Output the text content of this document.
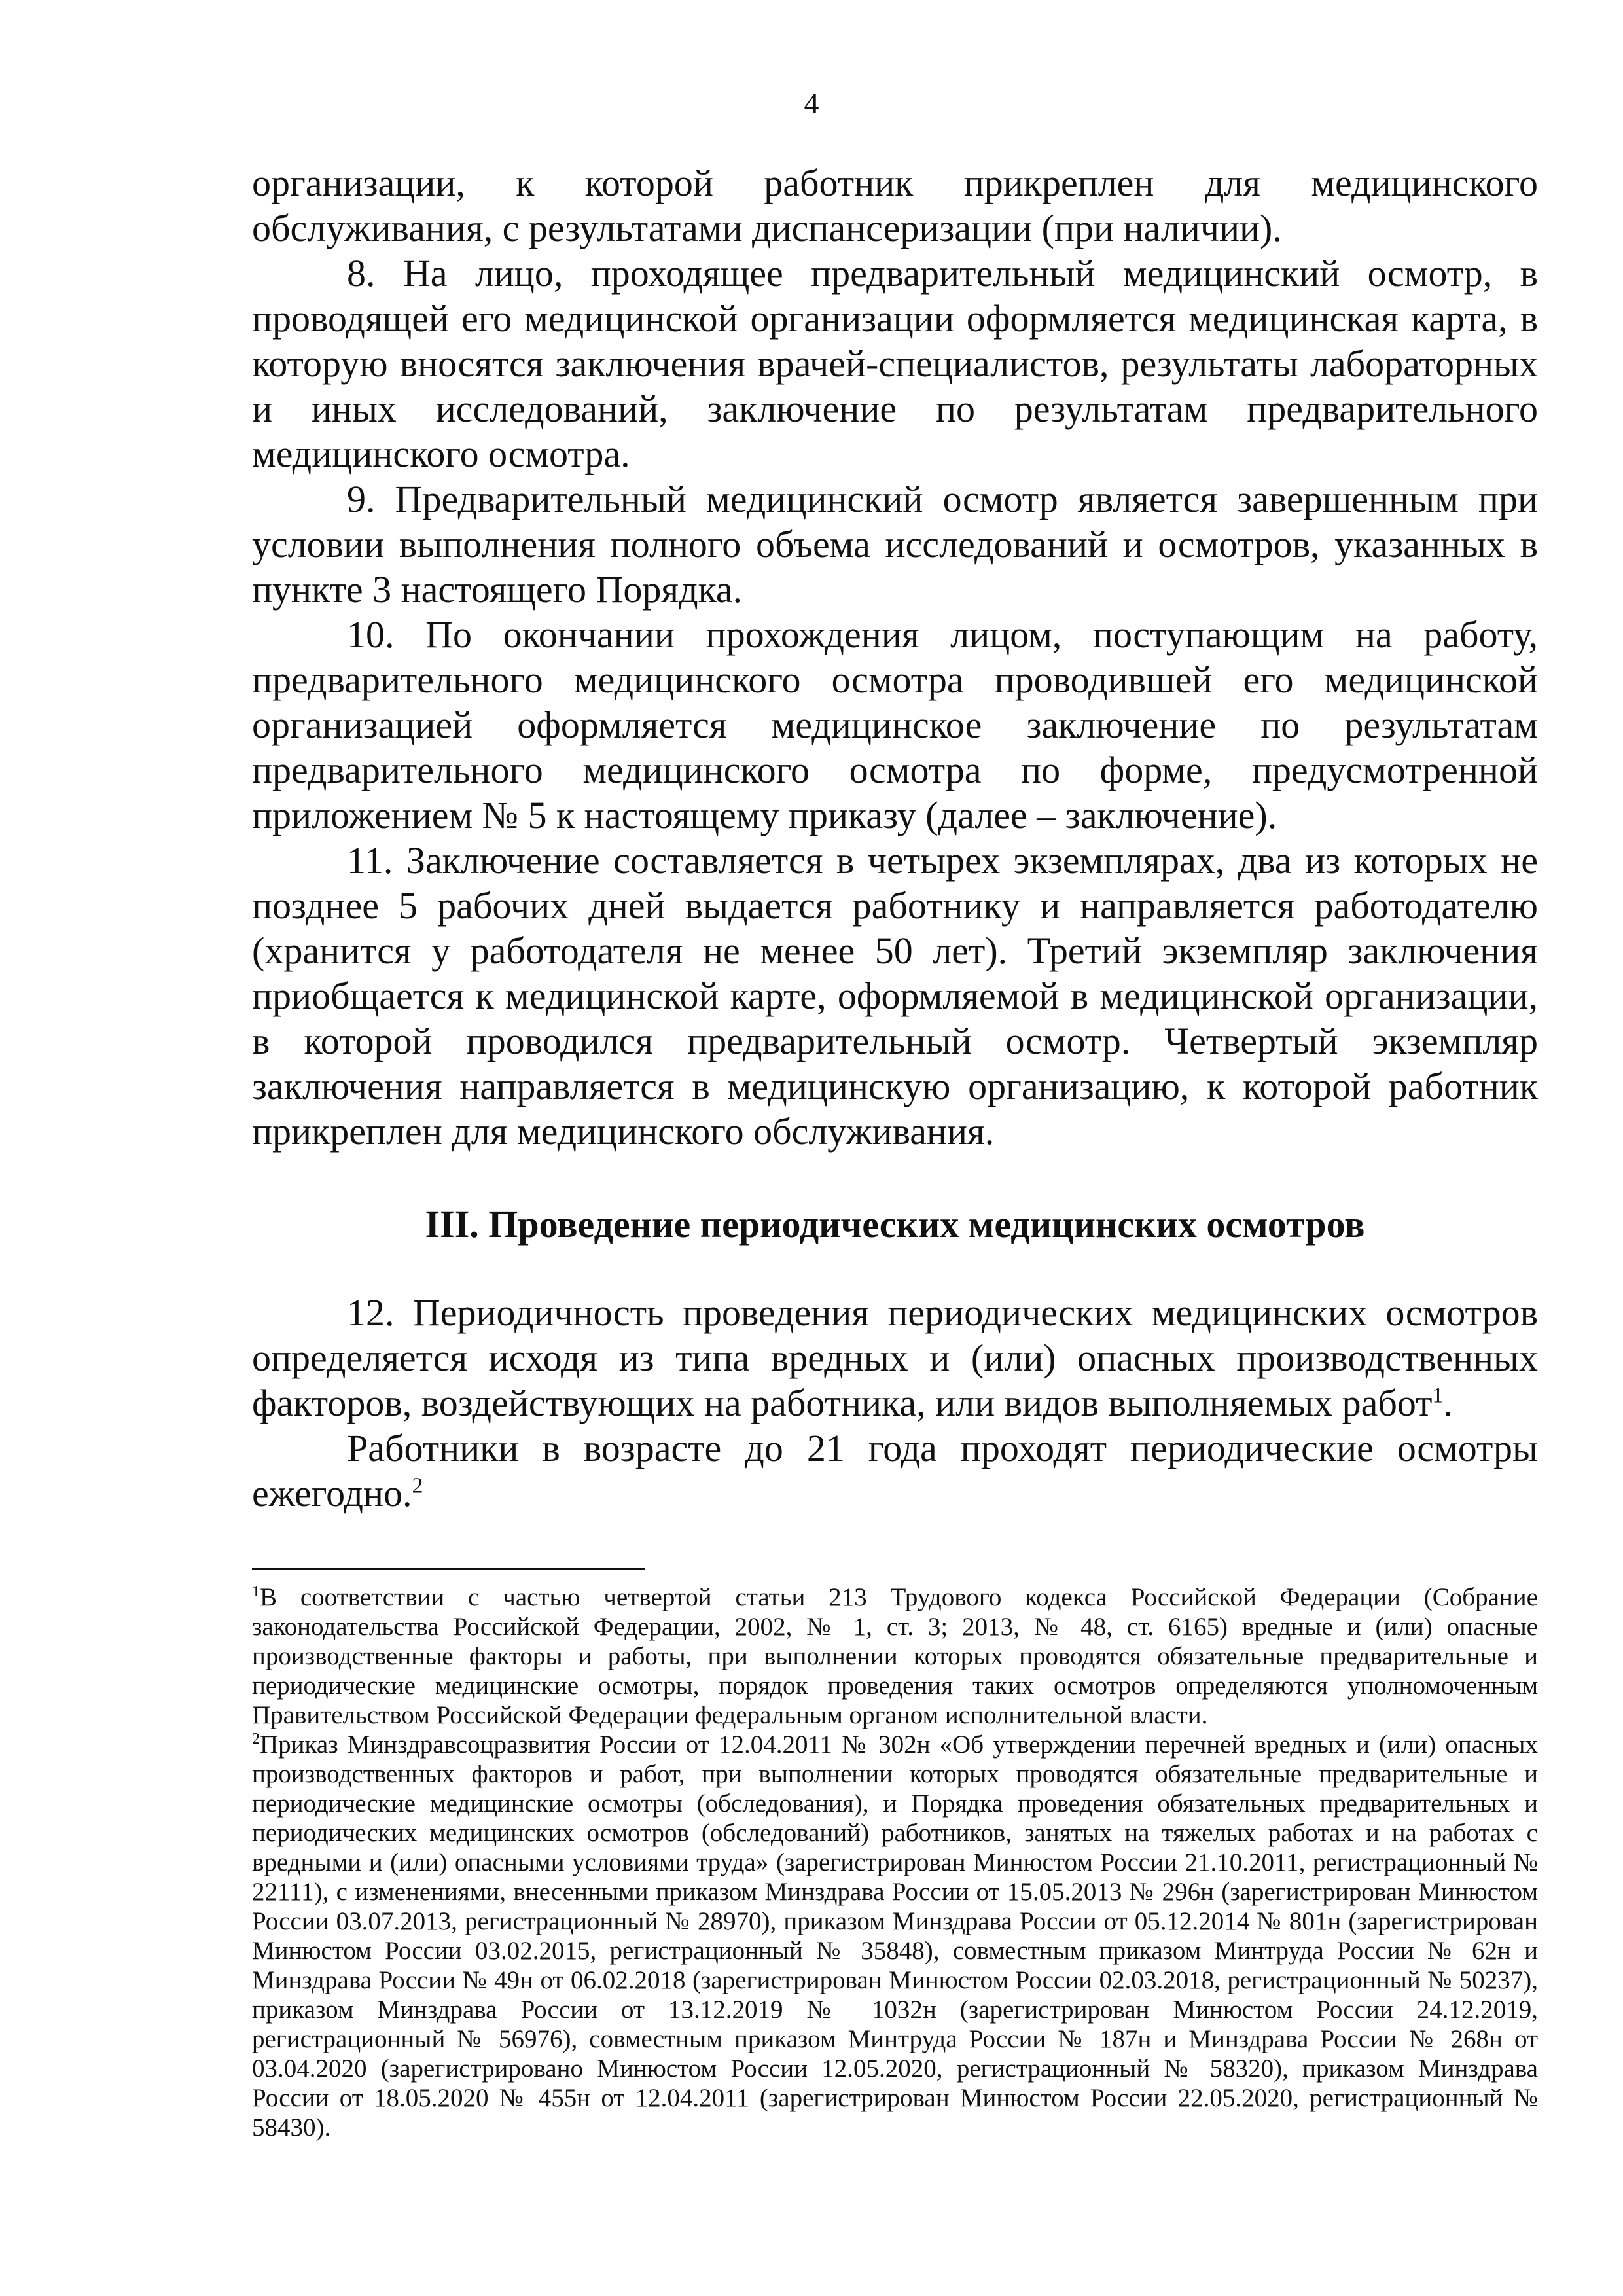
4

организации, к которой работник прикреплен для медицинского обслуживания, с результатами диспансеризации (при наличии).

8. На лицо, проходящее предварительный медицинский осмотр, в проводящей его медицинской организации оформляется медицинская карта, в которую вносятся заключения врачей-специалистов, результаты лабораторных и иных исследований, заключение по результатам предварительного медицинского осмотра.

9. Предварительный медицинский осмотр является завершенным при условии выполнения полного объема исследований и осмотров, указанных в пункте 3 настоящего Порядка.

10. По окончании прохождения лицом, поступающим на работу, предварительного медицинского осмотра проводившей его медицинской организацией оформляется медицинское заключение по результатам предварительного медицинского осмотра по форме, предусмотренной приложением № 5 к настоящему приказу (далее – заключение).

11. Заключение составляется в четырех экземплярах, два из которых не позднее 5 рабочих дней выдается работнику и направляется работодателю (хранится у работодателя не менее 50 лет). Третий экземпляр заключения приобщается к медицинской карте, оформляемой в медицинской организации, в которой проводился предварительный осмотр. Четвертый экземпляр заключения направляется в медицинскую организацию, к которой работник прикреплен для медицинского обслуживания.

III. Проведение периодических медицинских осмотров

12. Периодичность проведения периодических медицинских осмотров определяется исходя из типа вредных и (или) опасных производственных факторов, воздействующих на работника, или видов выполняемых работ$^1$.

Работники в возрасте до 21 года проходят периодические осмотры ежегодно.$^2$

$^1$В соответствии с частью четвертой статьи 213 Трудового кодекса Российской Федерации (Собрание законодательства Российской Федерации, 2002, № 1, ст. 3; 2013, № 48, ст. 6165) вредные и (или) опасные производственные факторы и работы, при выполнении которых проводятся обязательные предварительные и периодические медицинские осмотры, порядок проведения таких осмотров определяются уполномоченным Правительством Российской Федерации федеральным органом исполнительной власти.

$^2$Приказ Минздравсоцразвития России от 12.04.2011 № 302н «Об утверждении перечней вредных и (или) опасных производственных факторов и работ, при выполнении которых проводятся обязательные предварительные и периодические медицинские осмотры (обследования), и Порядка проведения обязательных предварительных и периодических медицинских осмотров (обследований) работников, занятых на тяжелых работах и на работах с вредными и (или) опасными условиями труда» (зарегистрирован Минюстом России 21.10.2011, регистрационный № 22111), с изменениями, внесенными приказом Минздрава России от 15.05.2013 № 296н (зарегистрирован Минюстом России 03.07.2013, регистрационный № 28970), приказом Минздрава России от 05.12.2014 № 801н (зарегистрирован Минюстом России 03.02.2015, регистрационный № 35848), совместным приказом Минтруда России № 62н и Минздрава России № 49н от 06.02.2018 (зарегистрирован Минюстом России 02.03.2018, регистрационный № 50237), приказом Минздрава России от 13.12.2019 № 1032н (зарегистрирован Минюстом России 24.12.2019, регистрационный № 56976), совместным приказом Минтруда России № 187н и Минздрава России № 268н от 03.04.2020 (зарегистрировано Минюстом России 12.05.2020, регистрационный № 58320), приказом Минздрава России от 18.05.2020 № 455н от 12.04.2011 (зарегистрирован Минюстом России 22.05.2020, регистрационный № 58430).
